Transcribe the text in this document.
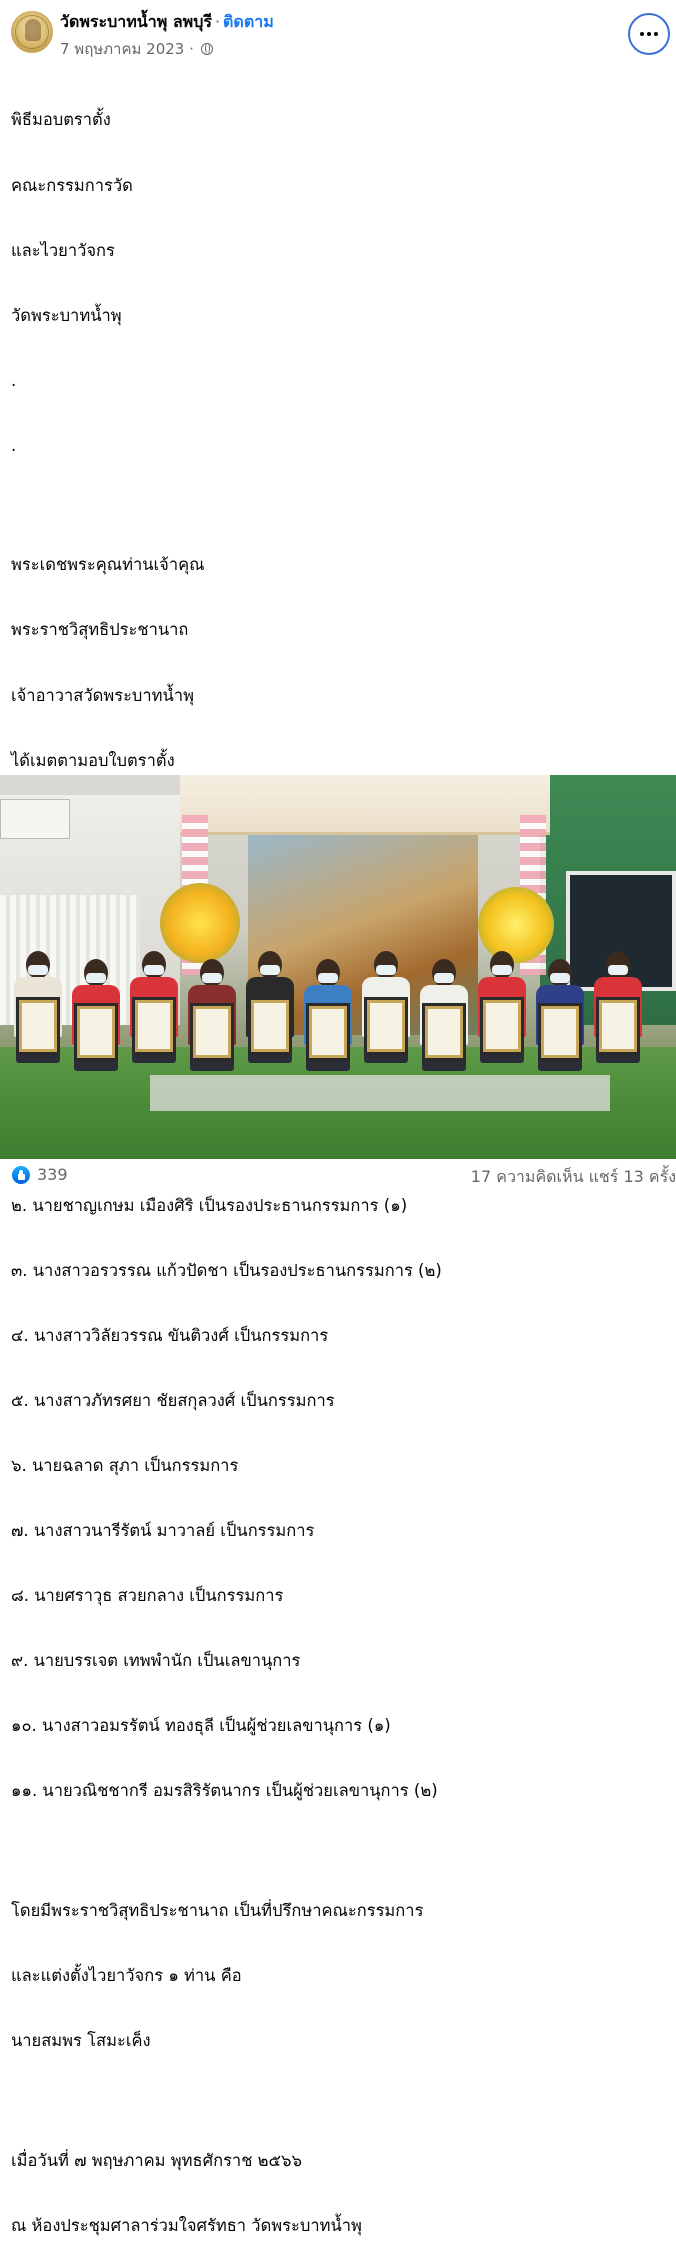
วัดพระบาทน้ำพุ ลพบุรี · ติดตาม
7 พฤษภาคม 2023 ·

พิธีมอบตราตั้ง

คณะกรรมการวัด

และไวยาวัจกร

วัดพระบาทน้ำพุ

.

.

พระเดชพระคุณท่านเจ้าคุณ

พระราชวิสุทธิประชานาถ

เจ้าอาวาสวัดพระบาทน้ำพุ

ได้เมตตามอบใบตราตั้ง

๒. นายชาญเกษม เมืองศิริ เป็นรองประธานกรรมการ (๑)

๓. นางสาวอรวรรณ แก้วปัดชา เป็นรองประธานกรรมการ (๒)

๔. นางสาววิลัยวรรณ ขันติวงศ์ เป็นกรรมการ

๕. นางสาวภัทรศยา ชัยสกุลวงศ์ เป็นกรรมการ

๖. นายฉลาด สุภา เป็นกรรมการ

๗. นางสาวนารีรัตน์ มาวาลย์ เป็นกรรมการ

๘. นายศราวุธ สวยกลาง เป็นกรรมการ

๙. นายบรรเจต เทพพำนัก เป็นเลขานุการ

๑๐. นางสาวอมรรัตน์ ทองธุลี เป็นผู้ช่วยเลขานุการ (๑)

๑๑. นายวณิชชากรี อมรสิริรัตนากร เป็นผู้ช่วยเลขานุการ (๒)

โดยมีพระราชวิสุทธิประชานาถ เป็นที่ปรึกษาคณะกรรมการ

และแต่งตั้งไวยาวัจกร ๑ ท่าน คือ

นายสมพร โสมะเค็ง

เมื่อวันที่ ๗ พฤษภาคม พุทธศักราช ๒๕๖๖

ณ ห้องประชุมศาลาร่วมใจศรัทธา วัดพระบาทน้ำพุ

339	17 ความคิดเห็น แชร์ 13 ครั้ง
